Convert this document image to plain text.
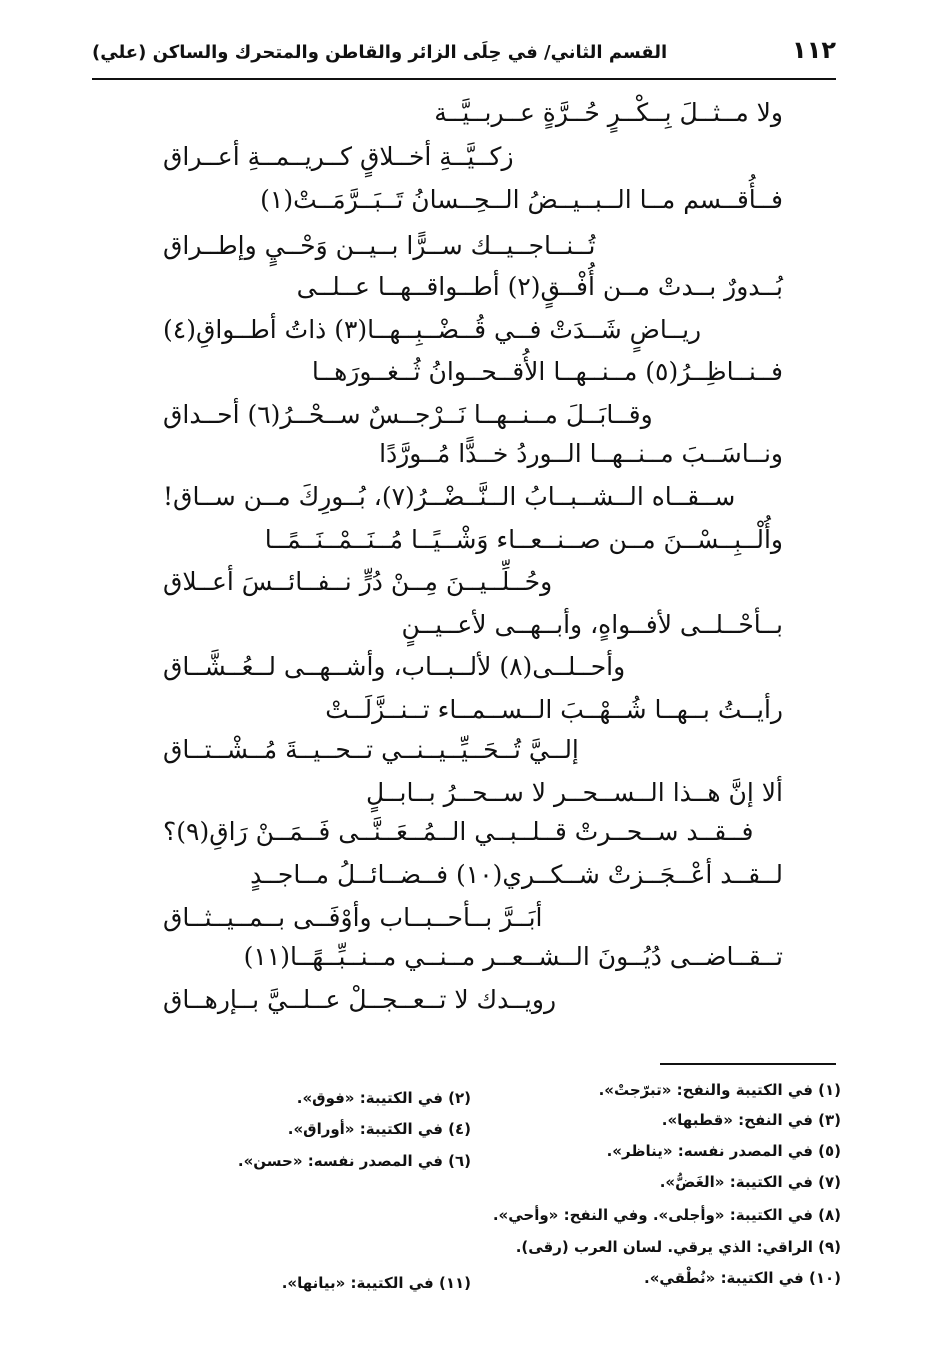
١١٢
القسم الثاني/ في حِلَى الزائر والقاطن والمتحرك والساكن (علي)
ولا مــثــلَ بِــكْــرٍ حُــرَّةٍ عــربــيَّــة
زكــيَّــةِ أخــلاقٍ كــريــمــةِ أعــراق
فــأُقــسم مــا الــبــيــضُ الــحِــسانُ تَــبَــرَّمَــتْ(١)
تُــنــاجــيــك ســرًّا بــيــن وَحْــيٍ وإطــراق
بُــدورٌ بــدتْ مــن أُفْــقٍ(٢) أطــواقــهــا عــلــى
ريــاضٍ شَــدَتْ فــي قُــضْــبِــهــا(٣) ذاتُ أطــواقِ(٤)
فــنــاظِــرُ(٥) مــنــهــا الأُقــحــوانُ ثُــغــورَهــا
وقــابَــلَ مــنــهــا نَــرْجــسٌ ســحْــرُ(٦) أحــداق
ونــاسَــبَ مــنــهــا الــوردُ خــدًّا مُــورَّدًا
ســقــاه الــشــبــابُ الــنَّــضْــرُ(٧)، بُــورِكَ مــن ســاق!
وأُلْــبِــسْــنَ مــن صــنــعــاء وَشْــيًــا مُــنَــمْــنَــمًــا
وحُــلِّــيــنَ مِــنْ دُرٍّ نــفــائــسَ أعــلاق
بــأحْــلــى لأفــواهٍ، وأبــهــى لأعــيــنٍ
وأحــلــى(٨) لألــبــاب، وأشــهــى لــعُــشَّــاق
رأيــتُ بــهــا شُــهْــبَ الــســمــاء تــنــزَّلَــتْ
إلــيَّ تُــحَــيِّــيــنــي تــحــيــةَ مُــشْــتــاق
ألا إنَّ هــذا الــســحــر لا ســحــرُ بــابــلٍ
فــقــد ســحــرتْ قــلــبــي الــمُــعَــنَّــى فَــمَــنْ رَاقِ(٩)؟
لــقــد أعْــجَــزتْ شــكــري(١٠) فــضــائــلُ مــاجــدٍ
أبَــرَّ بــأحــبــاب وأوْفَــى بــمــيــثــاق
تــقــاضــى دُيُــونَ الــشــعــر مــنــي مــنــبِّــهًــا(١١)
رويــدك لا تــعــجــلْ عــلــيَّ بــإرهــاق
(١) في الكتيبة والنفح: «تبرّجتْ».
(٣) في النفح: «قطبها».
(٥) في المصدر نفسه: «يناظر».
(٧) في الكتيبة: «الغَضُّ».
(٨) في الكتيبة: «وأجلى». وفي النفح: «وأحي».
(٩) الراقي: الذي يرقي. لسان العرب (رقى).
(١٠) في الكتيبة: «نُطْقي».
(٢) في الكتيبة: «فوق».
(٤) في الكتيبة: «أوراق».
(٦) في المصدر نفسه: «حسن».
(١١) في الكتيبة: «بيانها».
